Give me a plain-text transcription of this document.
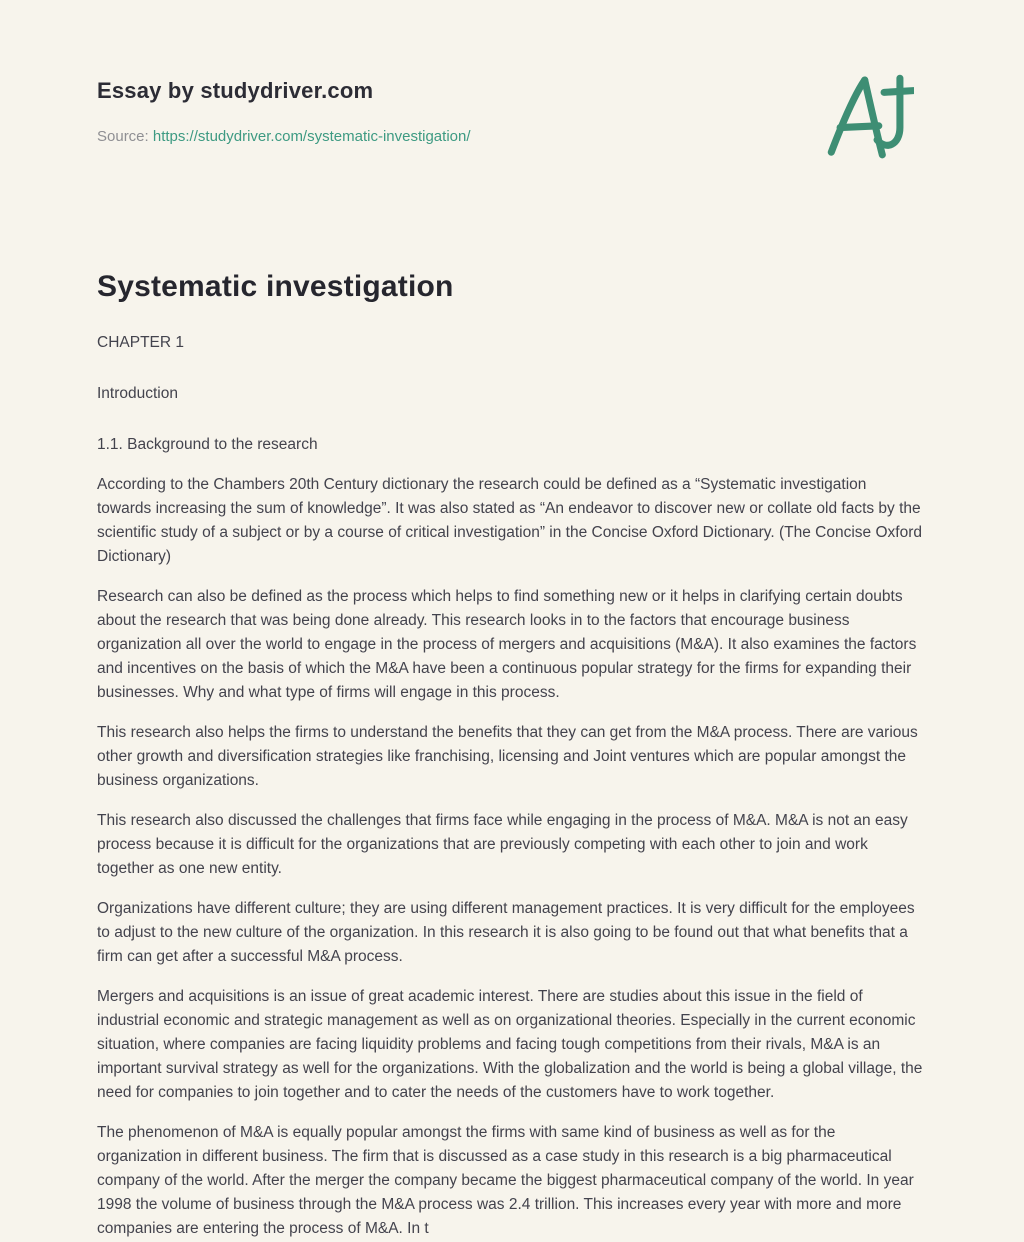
Essay by studydriver.com
Source: https://studydriver.com/systematic-investigation/
Systematic investigation
CHAPTER 1
Introduction
1.1. Background to the research

According to the Chambers 20th Century dictionary the research could be defined as a “Systematic investigation towards increasing the sum of knowledge”. It was also stated as “An endeavor to discover new or collate old facts by the scientific study of a subject or by a course of critical investigation” in the Concise Oxford Dictionary. (The Concise Oxford Dictionary)

Research can also be defined as the process which helps to find something new or it helps in clarifying certain doubts about the research that was being done already. This research looks in to the factors that encourage business organization all over the world to engage in the process of mergers and acquisitions (M&A). It also examines the factors and incentives on the basis of which the M&A have been a continuous popular strategy for the firms for expanding their businesses. Why and what type of firms will engage in this process.

This research also helps the firms to understand the benefits that they can get from the M&A process. There are various other growth and diversification strategies like franchising, licensing and Joint ventures which are popular amongst the business organizations.

This research also discussed the challenges that firms face while engaging in the process of M&A. M&A is not an easy process because it is difficult for the organizations that are previously competing with each other to join and work together as one new entity.

Organizations have different culture; they are using different management practices. It is very difficult for the employees to adjust to the new culture of the organization. In this research it is also going to be found out that what benefits that a firm can get after a successful M&A process.

Mergers and acquisitions is an issue of great academic interest. There are studies about this issue in the field of industrial economic and strategic management as well as on organizational theories. Especially in the current economic situation, where companies are facing liquidity problems and facing tough competitions from their rivals, M&A is an important survival strategy as well for the organizations. With the globalization and the world is being a global village, the need for companies to join together and to cater the needs of the customers have to work together.

The phenomenon of M&A is equally popular amongst the firms with same kind of business as well as for the organization in different business. The firm that is discussed as a case study in this research is a big pharmaceutical company of the world. After the merger the company became the biggest pharmaceutical company of the world. In year 1998 the volume of business through the M&A process was 2.4 trillion. This increases every year with more and more companies are entering the process of M&A. In t
